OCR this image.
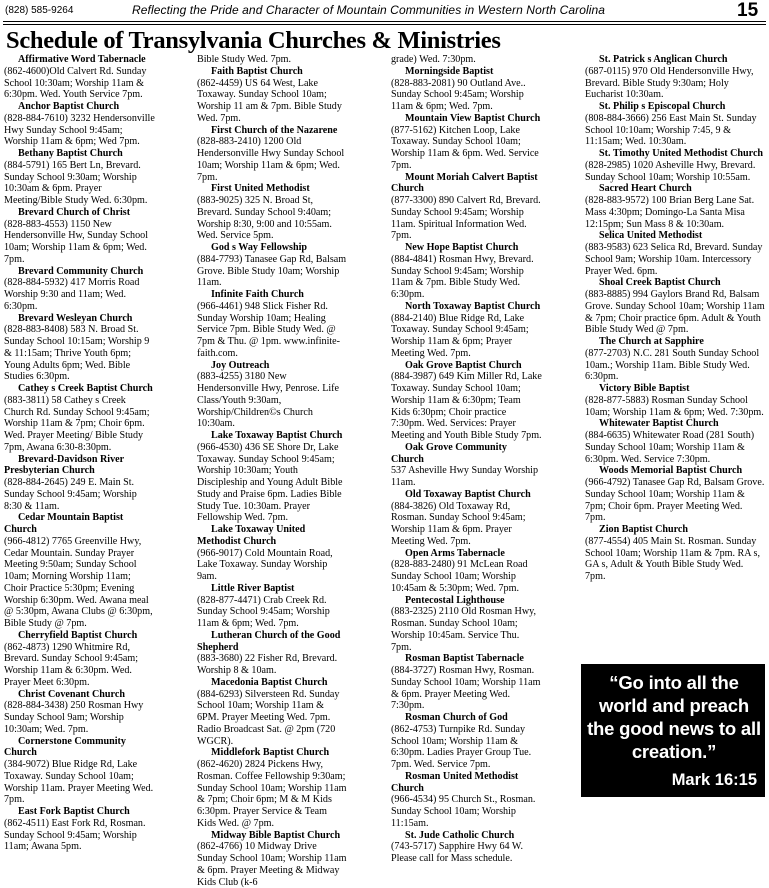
(828) 585-9264	Reflecting the Pride and Character of Mountain Communities in Western North Carolina	15
Schedule of Transylvania Churches & Ministries
Affirmative Word Tabernacle
(862-4600)Old Calvert Rd. Sunday School 10:30am; Worship 11am & 6:30pm. Wed. Youth Service 7pm.
Anchor Baptist Church
(828-884-7610) 3232 Hendersonville Hwy Sunday School 9:45am; Worship 11am & 6pm; Wed 7pm.
Bethany Baptist Church
(884-5791) 165 Bert Ln, Brevard. Sunday School 9:30am; Worship 10:30am & 6pm. Prayer Meeting/Bible Study Wed. 6:30pm.
Brevard Church of Christ
(828-883-4553) 1150 New Hendersonville Hw, Sunday School 10am; Worship 11am & 6pm; Wed. 7pm.
Brevard Community Church
(828-884-5932) 417 Morris Road Worship 9:30 and 11am; Wed. 6:30pm.
Brevard Wesleyan Church
(828-883-8408) 583 N. Broad St. Sunday School 10:15am; Worship 9 & 11:15am; Thrive Youth 6pm; Young Adults 6pm; Wed. Bible Studies 6:30pm.
Cathey s Creek Baptist Church
(883-3811) 58 Cathey s Creek Church Rd. Sunday School 9:45am; Worship 11am & 7pm; Choir 6pm. Wed. Prayer Meeting/ Bible Study 7pm, Awana 6:30-8:30pm.
Brevard-Davidson River Presbyterian Church
(828-884-2645) 249 E. Main St. Sunday School 9:45am; Worship 8:30 & 11am.
Cedar Mountain Baptist Church
(966-4812) 7765 Greenville Hwy, Cedar Mountain. Sunday Prayer Meeting 9:50am; Sunday School 10am; Morning Worship 11am; Choir Practice 5:30pm; Evening Worship 6:30pm. Wed. Awana meal @ 5:30pm, Awana Clubs @ 6:30pm, Bible Study @ 7pm.
Cherryfield Baptist Church
(862-4873) 1290 Whitmire Rd, Brevard. Sunday School 9:45am; Worship 11am & 6:30pm. Wed. Prayer Meet 6:30pm.
Christ Covenant Church
(828-884-3438) 250 Rosman Hwy Sunday School 9am; Worship 10:30am; Wed. 7pm.
Cornerstone Community Church
(384-9072) Blue Ridge Rd, Lake Toxaway. Sunday School 10am; Worship 11am. Prayer Meeting Wed. 7pm.
East Fork Baptist Church
(862-4511) East Fork Rd, Rosman. Sunday School 9:45am; Worship 11am; Awana 5pm.
Bible Study Wed. 7pm.
Faith Baptist Church
(862-4459) US 64 West, Lake Toxaway. Sunday School 10am; Worship 11 am & 7pm. Bible Study Wed. 7pm.
First Church of the Nazarene
(828-883-2410) 1200 Old Hendersonville Hwy Sunday School 10am; Worship 11am & 6pm; Wed. 7pm.
First United Methodist
(883-9025) 325 N. Broad St, Brevard. Sunday School 9:40am; Worship 8:30, 9:00 and 10:55am. Wed. Service 5pm.
God s Way Fellowship
(884-7793) Tanasee Gap Rd, Balsam Grove. Bible Study 10am; Worship 11am.
Infinite Faith Church
(966-4461) 948 Slick Fisher Rd. Sunday Worship 10am; Healing Service 7pm. Bible Study Wed. @ 7pm & Thu. @ 1pm. www.infinite-faith.com.
Joy Outreach
(883-4255) 3180 New Hendersonville Hwy, Penrose. Life Class/Youth 9:30am, Worship/Children©s Church 10:30am.
Lake Toxaway Baptist Church
(966-4530) 436 SE Shore Dr, Lake Toxaway. Sunday School 9:45am; Worship 10:30am; Youth Discipleship and Young Adult Bible Study and Praise 6pm. Ladies Bible Study Tue. 10:30am. Prayer Fellowship Wed. 7pm.
Lake Toxaway United Methodist Church
(966-9017) Cold Mountain Road, Lake Toxaway. Sunday Worship 9am.
Little River Baptist
(828-877-4471) Crab Creek Rd. Sunday School 9:45am; Worship 11am & 6pm; Wed. 7pm.
Lutheran Church of the Good Shepherd
(883-3680) 22 Fisher Rd, Brevard. Worship 8 & 10am.
Macedonia Baptist Church
(884-6293) Silversteen Rd. Sunday School 10am; Worship 11am & 6PM. Prayer Meeting Wed. 7pm. Radio Broadcast Sat. @ 2pm (720 WGCR).
Middlefork Baptist Church
(862-4620) 2824 Pickens Hwy, Rosman. Coffee Fellowship 9:30am; Sunday School 10am; Worship 11am & 7pm; Choir 6pm; M & M Kids 6:30pm. Prayer Service & Team Kids Wed. @ 7pm.
Midway Bible Baptist Church
(862-4766) 10 Midway Drive Sunday School 10am; Worship 11am & 6pm. Prayer Meeting & Midway Kids Club (k-6
grade) Wed. 7:30pm.
Morningside Baptist
(828-883-2081) 90 Outland Ave.. Sunday School 9:45am; Worship 11am & 6pm; Wed. 7pm.
Mountain View Baptist Church
(877-5162) Kitchen Loop, Lake Toxaway. Sunday School 10am; Worship 11am & 6pm. Wed. Service 7pm.
Mount Moriah Calvert Baptist Church
(877-3300) 890 Calvert Rd, Brevard. Sunday School 9:45am; Worship 11am. Spiritual Information Wed. 7pm.
New Hope Baptist Church
(884-4841) Rosman Hwy, Brevard. Sunday School 9:45am; Worship 11am & 7pm. Bible Study Wed. 6:30pm.
North Toxaway Baptist Church
(884-2140) Blue Ridge Rd, Lake Toxaway. Sunday School 9:45am; Worship 11am & 6pm; Prayer Meeting Wed. 7pm.
Oak Grove Baptist Church
(884-3987) 649 Kim Miller Rd, Lake Toxaway. Sunday School 10am; Worship 11am & 6:30pm; Team Kids 6:30pm; Choir practice 7:30pm. Wed. Services: Prayer Meeting and Youth Bible Study 7pm.
Oak Grove Community Church
537 Asheville Hwy Sunday Worship 11am.
Old Toxaway Baptist Church
(884-3826) Old Toxaway Rd, Rosman. Sunday School 9:45am; Worship 11am & 6pm. Prayer Meeting Wed. 7pm.
Open Arms Tabernacle
(828-883-2480) 91 McLean Road Sunday School 10am; Worship 10:45am & 5:30pm; Wed. 7pm.
Pentecostal Lighthouse
(883-2325) 2110 Old Rosman Hwy, Rosman. Sunday School 10am; Worship 10:45am. Service Thu. 7pm.
Rosman Baptist Tabernacle
(884-3727) Rosman Hwy, Rosman. Sunday School 10am; Worship 11am & 6pm. Prayer Meeting Wed. 7:30pm.
Rosman Church of God
(862-4753) Turnpike Rd. Sunday School 10am; Worship 11am & 6:30pm. Ladies Prayer Group Tue. 7pm. Wed. Service 7pm.
Rosman United Methodist Church
(966-4534) 95 Church St., Rosman. Sunday School 10am; Worship 11:15am.
St. Jude Catholic Church
(743-5717) Sapphire Hwy 64 W. Please call for Mass schedule.
St. Patrick s Anglican Church
(687-0115) 970 Old Hendersonville Hwy, Brevard. Bible Study 9:30am; Holy Eucharist 10:30am.
St. Philip s Episcopal Church
(808-884-3666) 256 East Main St. Sunday School 10:10am; Worship 7:45, 9 & 11:15am; Wed. 10:30am.
St. Timothy United Methodist Church
(828-2985) 1020 Asheville Hwy, Brevard. Sunday School 10am; Worship 10:55am.
Sacred Heart Church
(828-883-9572) 100 Brian Berg Lane Sat. Mass 4:30pm; Domingo-La Santa Misa 12:15pm; Sun Mass 8 & 10:30am.
Selica United Methodist
(883-9583) 623 Selica Rd, Brevard. Sunday School 9am; Worship 10am. Intercessory Prayer Wed. 6pm.
Shoal Creek Baptist Church
(883-8885) 994 Gaylors Brand Rd, Balsam Grove. Sunday School 10am; Worship 11am & 7pm; Choir practice 6pm. Adult & Youth Bible Study Wed @ 7pm.
The Church at Sapphire
(877-2703) N.C. 281 South Sunday School 10am.; Worship 11am. Bible Study Wed. 6:30pm.
Victory Bible Baptist
(828-877-5883) Rosman Sunday School 10am; Worship 11am & 6pm; Wed. 7:30pm.
Whitewater Baptist Church
(884-6635) Whitewater Road (281 South) Sunday School 10am; Worship 11am & 6:30pm. Wed. Service 7:30pm.
Woods Memorial Baptist Church
(966-4792) Tanasee Gap Rd, Balsam Grove. Sunday School 10am; Worship 11am & 7pm; Choir 6pm. Prayer Meeting Wed. 7pm.
Zion Baptist Church
(877-4554) 405 Main St. Rosman. Sunday School 10am; Worship 11am & 7pm. RA s, GA s, Adult & Youth Bible Study Wed. 7pm.
“Go into all the world and preach the good news to all creation.”
Mark 16:15
